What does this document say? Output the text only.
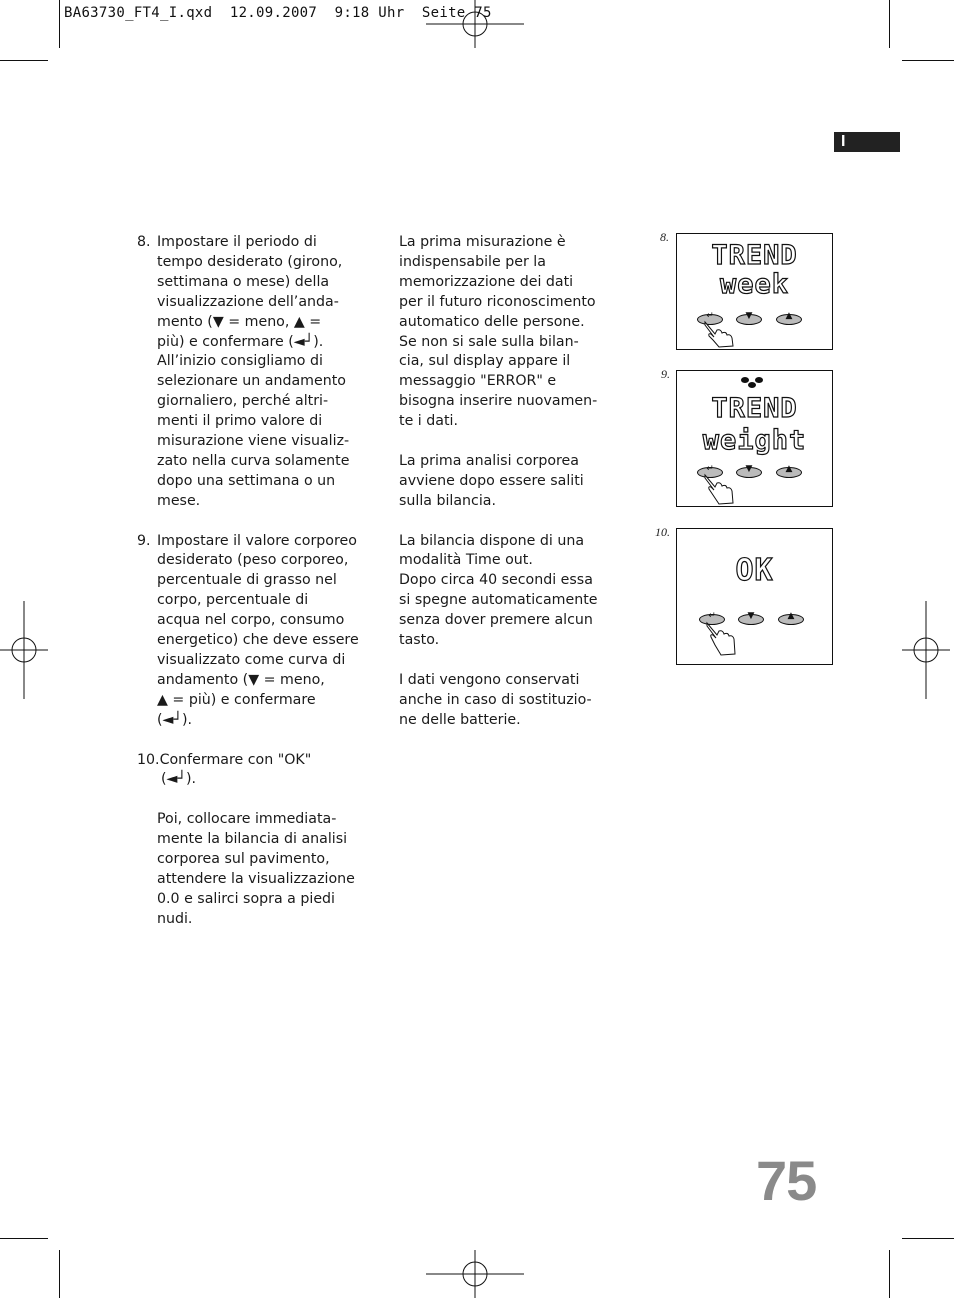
BA63730_FT4_I.qxd  12.09.2007  9:18 Uhr  Seite 75
I
8. Impostare il periodo di

tempo desiderato (girono,

settimana o mese) della

visualizzazione dell’anda-

mento (▼ = meno, ▲ =

più) e confermare (◄┘).

All’inizio consigliamo di

selezionare un andamento

giornaliero, perché altri-

menti il primo valore di

misurazione viene visualiz-

zato nella curva solamente

dopo una settimana o un

mese.

9. Impostare il valore corporeo

desiderato (peso corporeo,

percentuale di grasso nel

corpo, percentuale di

acqua nel corpo, consumo

energetico) che deve essere

visualizzato come curva di

andamento (▼ = meno,

▲ = più) e confermare

(◄┘).

10.Confermare con "OK"

(◄┘).

Poi, collocare immediata-

mente la bilancia di analisi

corporea sul pavimento,

attendere la visualizzazione

0.0 e salirci sopra a piedi

nudi.

La prima misurazione è

indispensabile per la

memorizzazione dei dati

per il futuro riconoscimento

automatico delle persone.

Se non si sale sulla bilan-

cia, sul display appare il

messaggio "ERROR" e

bisogna inserire nuovamen-

te i dati.

La prima analisi corporea

avviene dopo essere saliti

sulla bilancia.

La bilancia dispone di una

modalità Time out.

Dopo circa 40 secondi essa

si spegne automaticamente

senza dover premere alcun

tasto.

I dati vengono conservati

anche in caso di sostituzio-

ne delle batterie.

8.
TREND
week
↵	▼	▲
9.
TREND
weight
↵	▼	▲
10.
OK
↵	▼	▲
75
